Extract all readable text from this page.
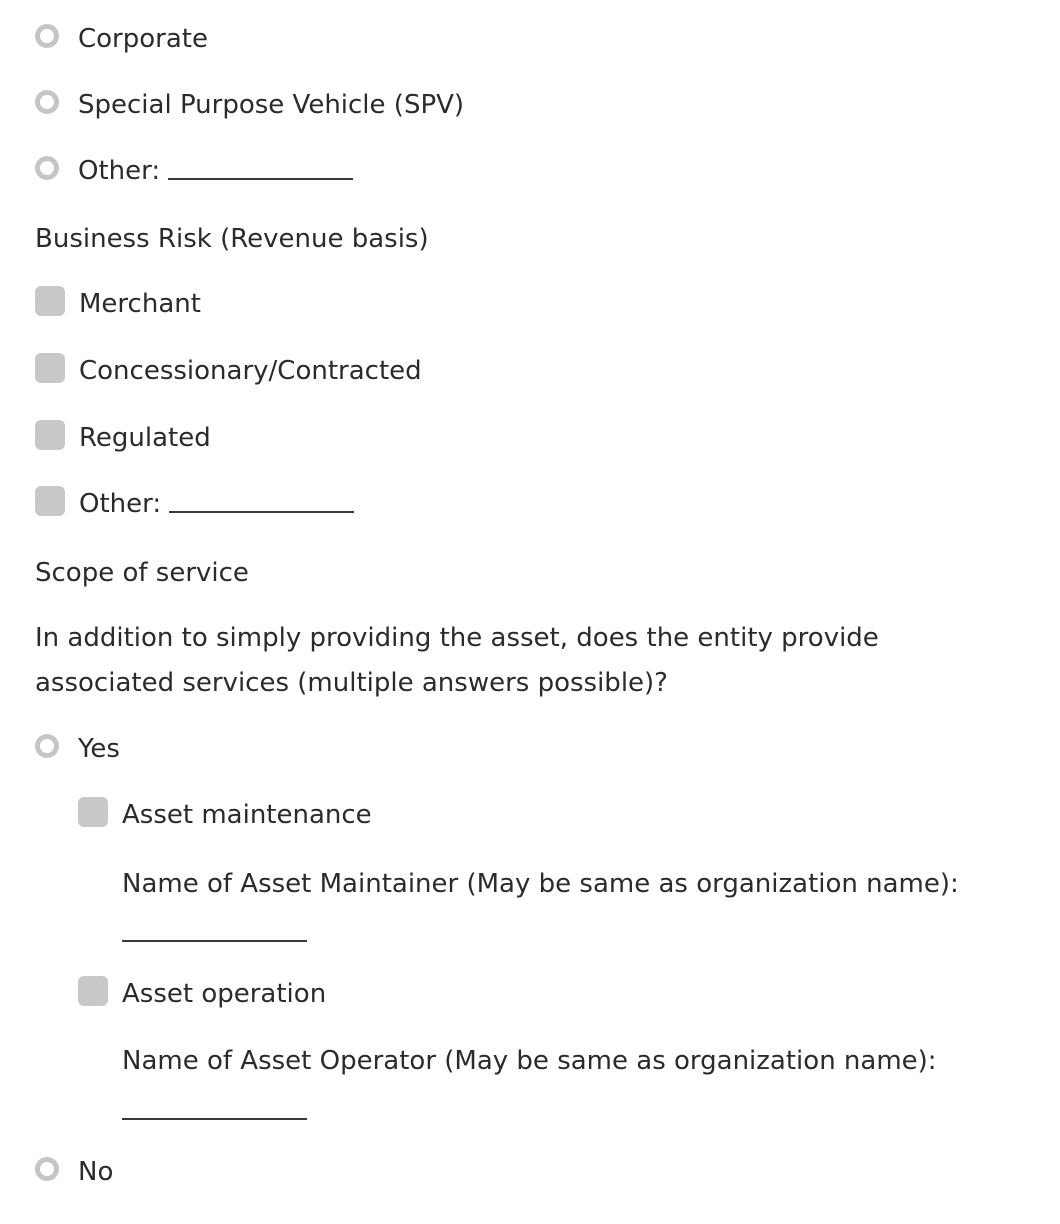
Corporate
Special Purpose Vehicle (SPV)
Other:
Business Risk (Revenue basis)
Merchant
Concessionary/Contracted
Regulated
Other:
Scope of service
In addition to simply providing the asset, does the entity provide associated services (multiple answers possible)?
Yes
Asset maintenance
Name of Asset Maintainer (May be same as organization name):
Asset operation
Name of Asset Operator (May be same as organization name):
No
